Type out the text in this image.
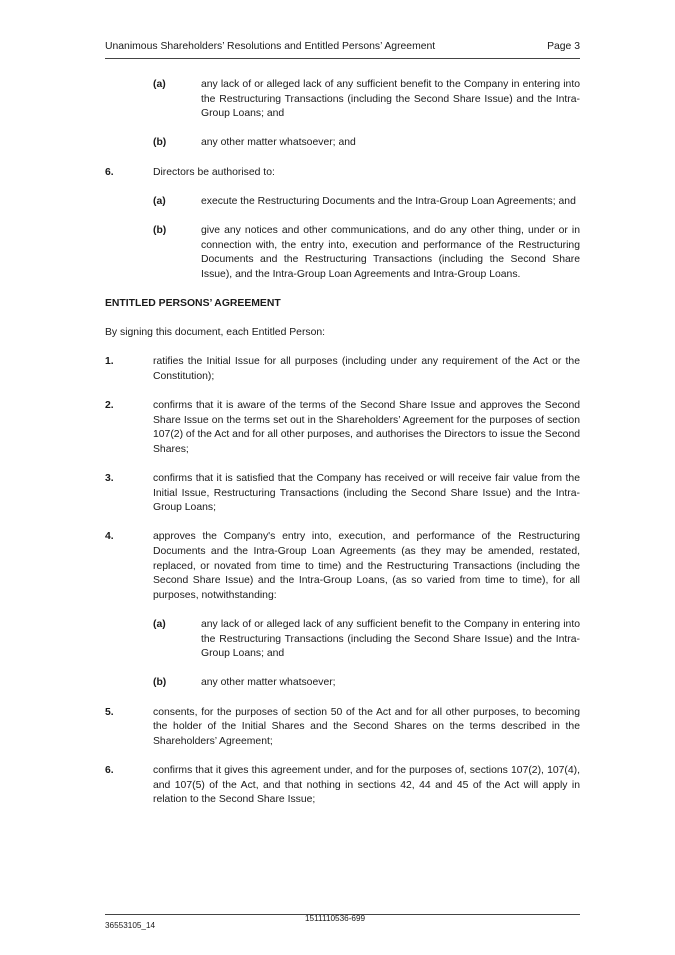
Unanimous Shareholders’ Resolutions and Entitled Persons’ Agreement	Page 3
(a)	any lack of or alleged lack of any sufficient benefit to the Company in entering into the Restructuring Transactions (including the Second Share Issue) and the Intra-Group Loans; and
(b)	any other matter whatsoever; and
6.	Directors be authorised to:
(a)	execute the Restructuring Documents and the Intra-Group Loan Agreements; and
(b)	give any notices and other communications, and do any other thing, under or in connection with, the entry into, execution and performance of the Restructuring Documents and the Restructuring Transactions (including the Second Share Issue), and the Intra-Group Loan Agreements and Intra-Group Loans.
ENTITLED PERSONS’ AGREEMENT
By signing this document, each Entitled Person:
1.	ratifies the Initial Issue for all purposes (including under any requirement of the Act or the Constitution);
2.	confirms that it is aware of the terms of the Second Share Issue and approves the Second Share Issue on the terms set out in the Shareholders’ Agreement for the purposes of section 107(2) of the Act and for all other purposes, and authorises the Directors to issue the Second Shares;
3.	confirms that it is satisfied that the Company has received or will receive fair value from the Initial Issue, Restructuring Transactions (including the Second Share Issue) and the Intra-Group Loans;
4.	approves the Company's entry into, execution, and performance of the Restructuring Documents and the Intra-Group Loan Agreements (as they may be amended, restated, replaced, or novated from time to time) and the Restructuring Transactions (including the Second Share Issue) and the Intra-Group Loans, (as so varied from time to time), for all purposes, notwithstanding:
(a)	any lack of or alleged lack of any sufficient benefit to the Company in entering into the Restructuring Transactions (including the Second Share Issue) and the Intra-Group Loans; and
(b)	any other matter whatsoever;
5.	consents, for the purposes of section 50 of the Act and for all other purposes, to becoming the holder of the Initial Shares and the Second Shares on the terms described in the Shareholders’ Agreement;
6.	confirms that it gives this agreement under, and for the purposes of, sections 107(2), 107(4), and 107(5) of the Act, and that nothing in sections 42, 44 and 45 of the Act will apply in relation to the Second Share Issue;
1511110536-699
36553105_14
